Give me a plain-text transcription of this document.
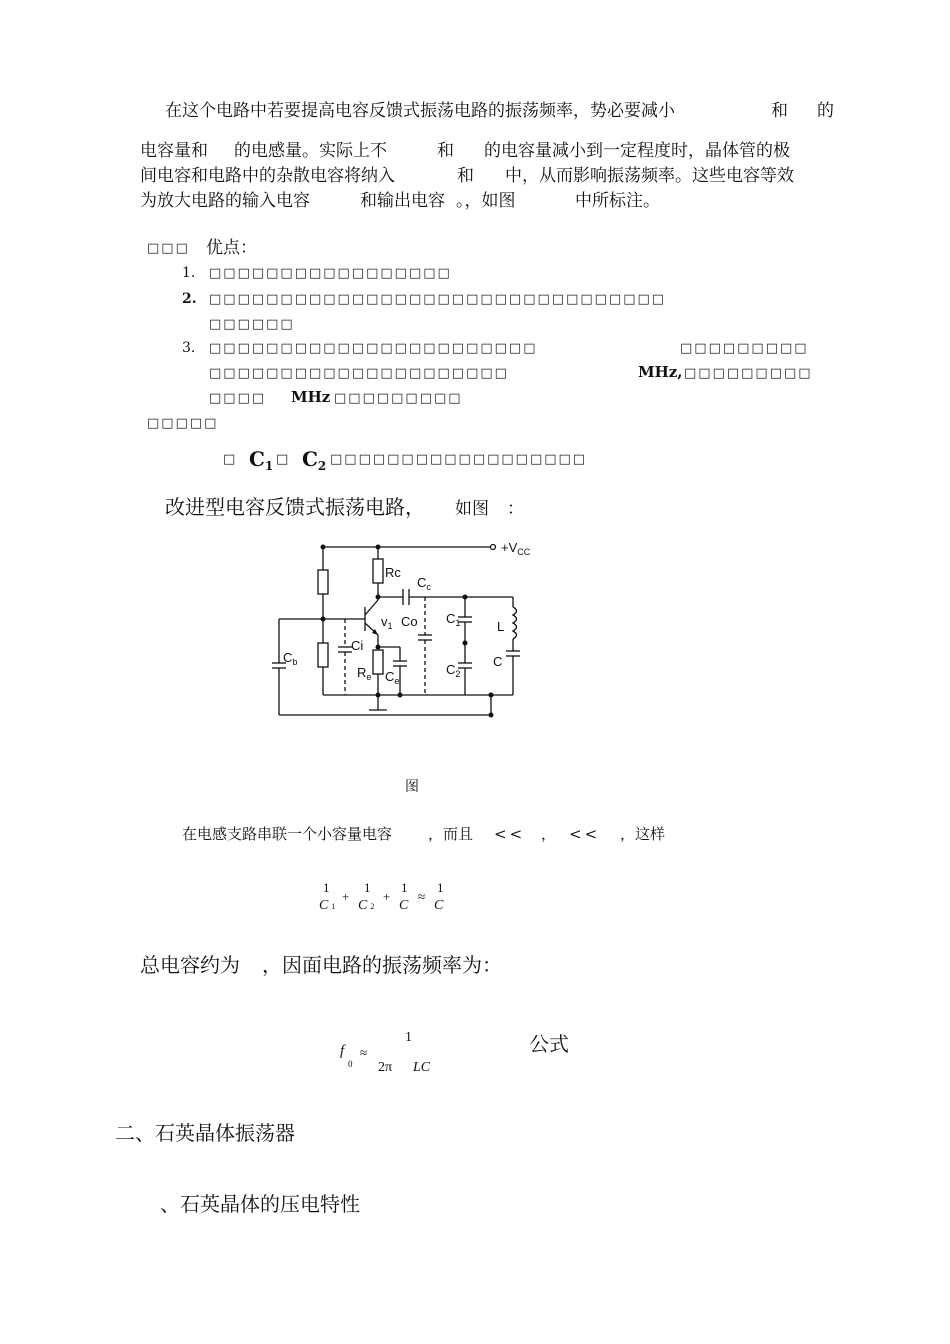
在这个电路中若要提高电容反馈式振荡电路的振荡频率，势必要减小	和 的
电容量和 的电感量。实际上不	和 的电容量减小到一定程度时，晶体管的极
间电容和电路中的杂散电容将纳入	和 中，从而影响振荡频率。这些电容等效
为放大电路的输入电容	和输出电容 。，如图	中所标注。
□□□ 优点：
1. □□□□□□□□□□□□□□□□□
2. □□□□□□□□□□□□□□□□□□□□□□□□□□□□□□□□
□□□□□□
3. □□□□□□□□□□□□□□□□□□□□□□□	□□□□□□□□□
□□□□□□□□□□□□□□□□□□□□□	MHz, □□□□□□□□□
□□□□ MHz □□□□□□□□□
□□□□□
□ $C_1$ □ $C_2$ □□□□□□□□□□□□□□□□□□
改进型电容反馈式振荡电路， 如图 ：
$+V_{CC}$
Rc
$C_c$
$C_1$	L
$v_1$ Co
Ci
$C_b$
$R_e$ $C_e$
$C_2$
C
图
在电感支路串联一个小容量电容 ，而且 << ， << ，这样
1
C 1
+
1
C 2
+
1
C
≈
1
C
总电容约为 ，因面电路的振荡频率为：
f
0
≈
1
2π LC
公式
二、石英晶体振荡器
、石英晶体的压电特性
